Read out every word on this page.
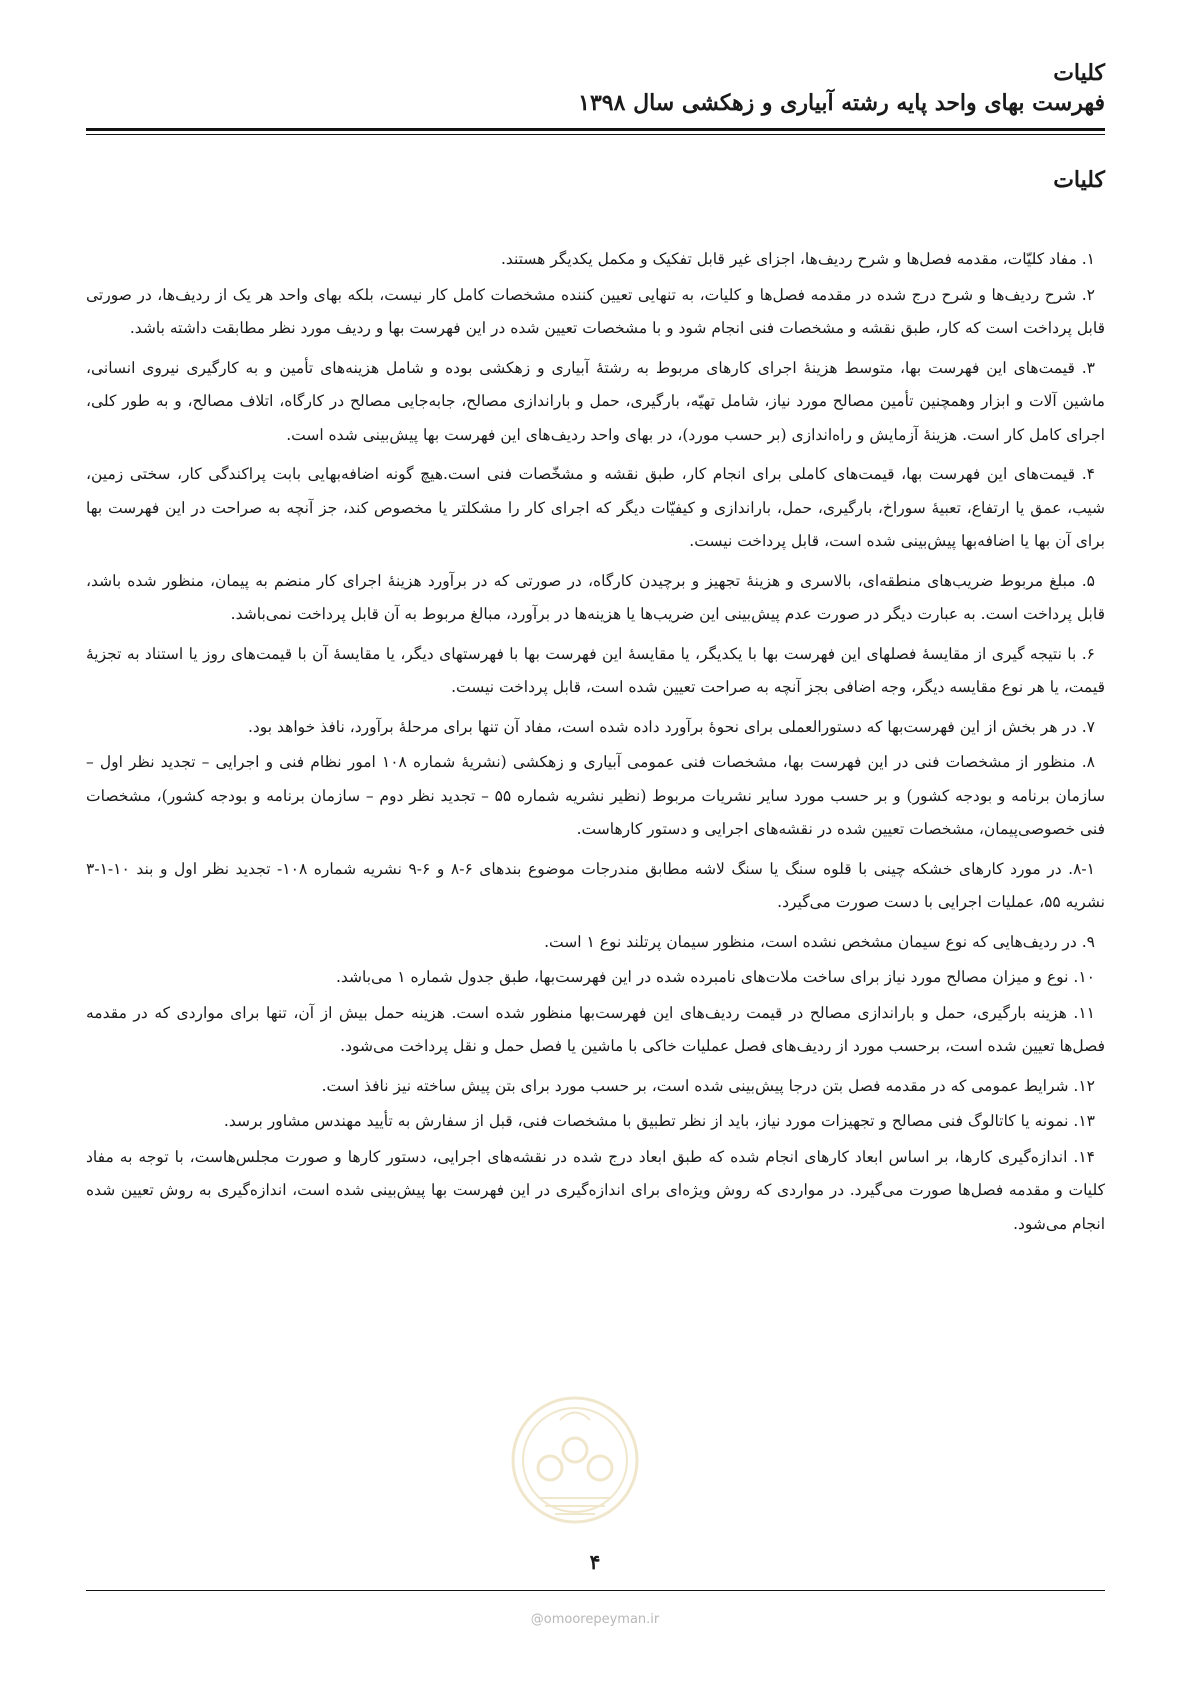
کلیات
فهرست بهای واحد پایه رشته آبیاری و زهکشی سال ۱۳۹۸
کلیات

۱. مفاد کلیّات، مقدمه فصل‌ها و شرح ردیف‌ها، اجزای غیر قابل تفکیک و مکمل یکدیگر هستند.

۲. شرح ردیف‌ها و شرح درج شده در مقدمه فصل‌ها و کلیات، به تنهایی تعیین کننده مشخصات کامل کار نیست، بلکه بهای واحد هر یک از ردیف‌ها، در صورتی قابل پرداخت است که کار، طبق نقشه و مشخصات فنی انجام شود و با مشخصات تعیین شده در این فهرست بها و ردیف مورد نظر مطابقت داشته باشد.

۳. قیمت‌های این فهرست بها، متوسط هزینهٔ اجرای کارهای مربوط به رشتهٔ آبیاری و زهکشی بوده و شامل هزینه‌های تأمین و به کارگیری نیروی انسانی، ماشین آلات و ابزار وهمچنین تأمین مصالح مورد نیاز، شامل تهیّه، بارگیری، حمل و باراندازی مصالح، جابه‌جایی مصالح در کارگاه، اتلاف مصالح، و به طور کلی، اجرای کامل کار است. هزینهٔ آزمایش و راه‌اندازی (بر حسب مورد)، در بهای واحد ردیف‌های این فهرست بها پیش‌بینی شده است.

۴. قیمت‌های این فهرست بها، قیمت‌های کاملی برای انجام کار، طبق نقشه و مشخّصات فنی است.هیچ گونه اضافه‌بهایی بابت پراکندگی کار، سختی زمین، شیب، عمق یا ارتفاع، تعبیهٔ سوراخ، بارگیری، حمل، باراندازی و کیفیّات دیگر که اجرای کار را مشکلتر یا مخصوص کند، جز آنچه به صراحت در این فهرست بها برای آن بها یا اضافه‌بها پیش‌بینی شده است، قابل پرداخت نیست.

۵. مبلغ مربوط ضریب‌های منطقه‌ای، بالاسری و هزینهٔ تجهیز و برچیدن کارگاه، در صورتی که در برآورد هزینهٔ اجرای کار منضم به پیمان، منظور شده باشد، قابل پرداخت است. به عبارت دیگر در صورت عدم پیش‌بینی این ضریب‌ها یا هزینه‌ها در برآورد، مبالغ مربوط به آن قابل پرداخت نمی‌باشد.

۶. با نتیجه گیری از مقایسهٔ فصلهای این فهرست بها با یکدیگر، یا مقایسهٔ این فهرست بها با فهرستهای دیگر، یا مقایسهٔ آن با قیمت‌های روز یا استناد به تجزیهٔ قیمت، یا هر نوع مقایسه دیگر، وجه اضافی بجز آنچه به صراحت تعیین شده است، قابل پرداخت نیست.

۷. در هر بخش از این فهرست‌بها که دستورالعملی برای نحوهٔ برآورد داده شده است، مفاد آن تنها برای مرحلهٔ برآورد، نافذ خواهد بود.

۸. منظور از مشخصات فنی در این فهرست بها، مشخصات فنی عمومی آبیاری و زهکشی (نشریهٔ شماره ۱۰۸ امور نظام فنی و اجرایی – تجدید نظر اول – سازمان برنامه و بودجه کشور) و بر حسب مورد سایر نشریات مربوط (نظیر نشریه شماره ۵۵ – تجدید نظر دوم – سازمان برنامه و بودجه کشور)، مشخصات فنی خصوصی‌پیمان، مشخصات تعیین شده در نقشه‌های اجرایی و دستور کارهاست.

۸-۱. در مورد کارهای خشکه چینی با قلوه سنگ یا سنگ لاشه مطابق مندرجات موضوع بندهای ۶-۸ و ۶-۹ نشریه شماره ۱۰۸- تجدید نظر اول و بند ۱۰-۱-۳ نشریه ۵۵، عملیات اجرایی با دست صورت می‌گیرد.

۹. در ردیف‌هایی که نوع سیمان مشخص نشده است، منظور سیمان پرتلند نوع ۱ است.

۱۰. نوع و میزان مصالح مورد نیاز برای ساخت ملات‌های نامبرده شده در این فهرست‌بها، طبق جدول شماره ۱ می‌باشد.

۱۱. هزینه بارگیری، حمل و باراندازی مصالح در قیمت ردیف‌های این فهرست‌بها منظور شده است. هزینه حمل بیش از آن، تنها برای مواردی که در مقدمه فصل‌ها تعیین شده است، برحسب مورد از ردیف‌های فصل عملیات خاکی با ماشین یا فصل حمل و نقل پرداخت می‌شود.

۱۲. شرایط عمومی که در مقدمه فصل بتن درجا پیش‌بینی شده است، بر حسب مورد برای بتن پیش ساخته نیز نافذ است.

۱۳. نمونه یا کاتالوگ فنی مصالح و تجهیزات مورد نیاز، باید از نظر تطبیق با مشخصات فنی، قبل از سفارش به تأیید مهندس مشاور برسد.

۱۴. اندازه‌گیری کارها، بر اساس ابعاد کارهای انجام شده که طبق ابعاد درج شده در نقشه‌های اجرایی، دستور کارها و صورت مجلس‌هاست، با توجه به مفاد کلیات و مقدمه فصل‌ها صورت می‌گیرد. در مواردی که روش ویژه‌ای برای اندازه‌گیری در این فهرست بها پیش‌بینی شده است، اندازه‌گیری به روش تعیین شده انجام می‌شود.

۴
@omoorepeyman.ir
